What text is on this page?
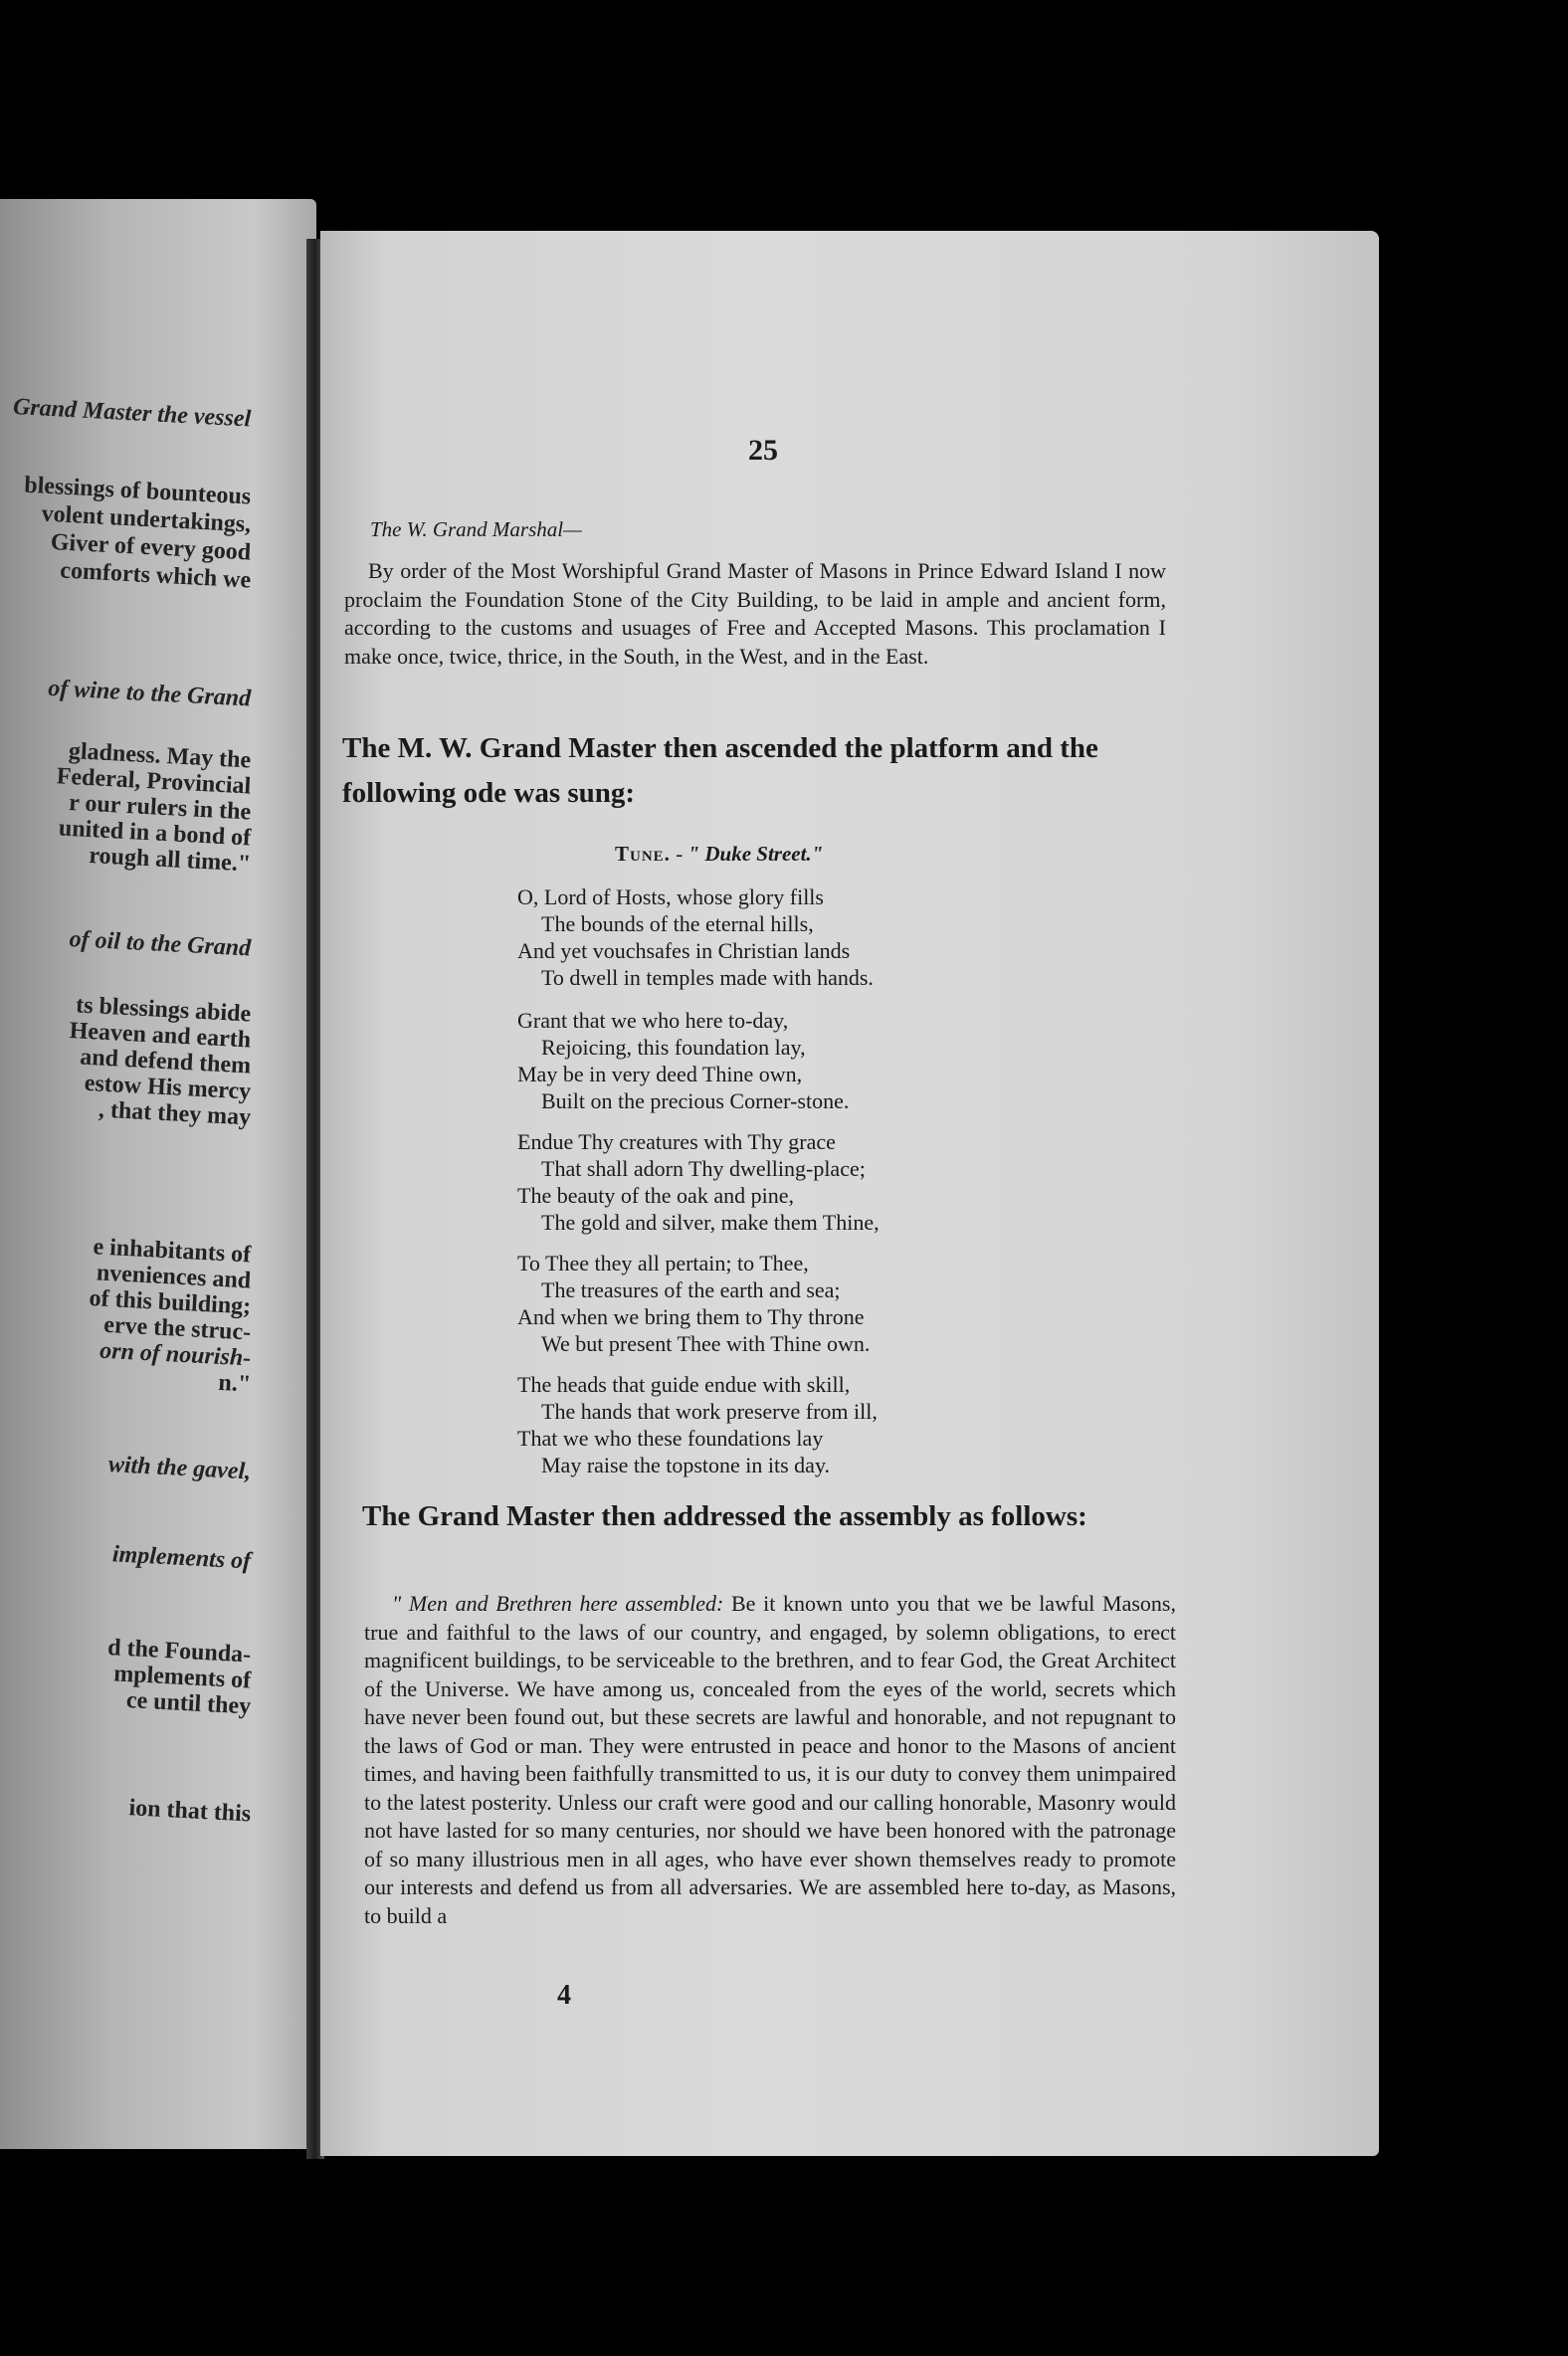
Grand Master the vessel
blessings of bounteous
volent undertakings,
Giver of every good
comforts which we
of wine to the Grand
gladness. May the
Federal, Provincial
r our rulers in the
united in a bond of
rough all time."
of oil to the Grand
ts blessings abide
Heaven and earth
and defend them
estow His mercy
, that they may
e inhabitants of
nveniences and
of this building;
erve the struc-
orn of nourish-
n."
with the gavel,
implements of
d the Founda-
mplements of
ce until they
ion that this
25
The W. Grand Marshal—
By order of the Most Worshipful Grand Master of Masons in Prince Edward Island I now proclaim the Foundation Stone of the City Building, to be laid in ample and ancient form, according to the customs and usuages of Free and Accepted Masons. This proclamation I make once, twice, thrice, in the South, in the West, and in the East.
The M. W. Grand Master then ascended the platform and the following ode was sung:
Tune. - " Duke Street."
O, Lord of Hosts, whose glory fills
The bounds of the eternal hills,
And yet vouchsafes in Christian lands
To dwell in temples made with hands.
Grant that we who here to-day,
Rejoicing, this foundation lay,
May be in very deed Thine own,
Built on the precious Corner-stone.
Endue Thy creatures with Thy grace
That shall adorn Thy dwelling-place;
The beauty of the oak and pine,
The gold and silver, make them Thine,
To Thee they all pertain; to Thee,
The treasures of the earth and sea;
And when we bring them to Thy throne
We but present Thee with Thine own.
The heads that guide endue with skill,
The hands that work preserve from ill,
That we who these foundations lay
May raise the topstone in its day.
The Grand Master then addressed the assembly as follows:
" Men and Brethren here assembled: Be it known unto you that we be lawful Masons, true and faithful to the laws of our country, and engaged, by solemn obligations, to erect magnificent buildings, to be serviceable to the brethren, and to fear God, the Great Architect of the Universe. We have among us, concealed from the eyes of the world, secrets which have never been found out, but these secrets are lawful and honorable, and not repugnant to the laws of God or man. They were entrusted in peace and honor to the Masons of ancient times, and having been faithfully transmitted to us, it is our duty to convey them unimpaired to the latest posterity. Unless our craft were good and our calling honorable, Masonry would not have lasted for so many centuries, nor should we have been honored with the patronage of so many illustrious men in all ages, who have ever shown themselves ready to promote our interests and defend us from all adversaries. We are assembled here to-day, as Masons, to build a
4
